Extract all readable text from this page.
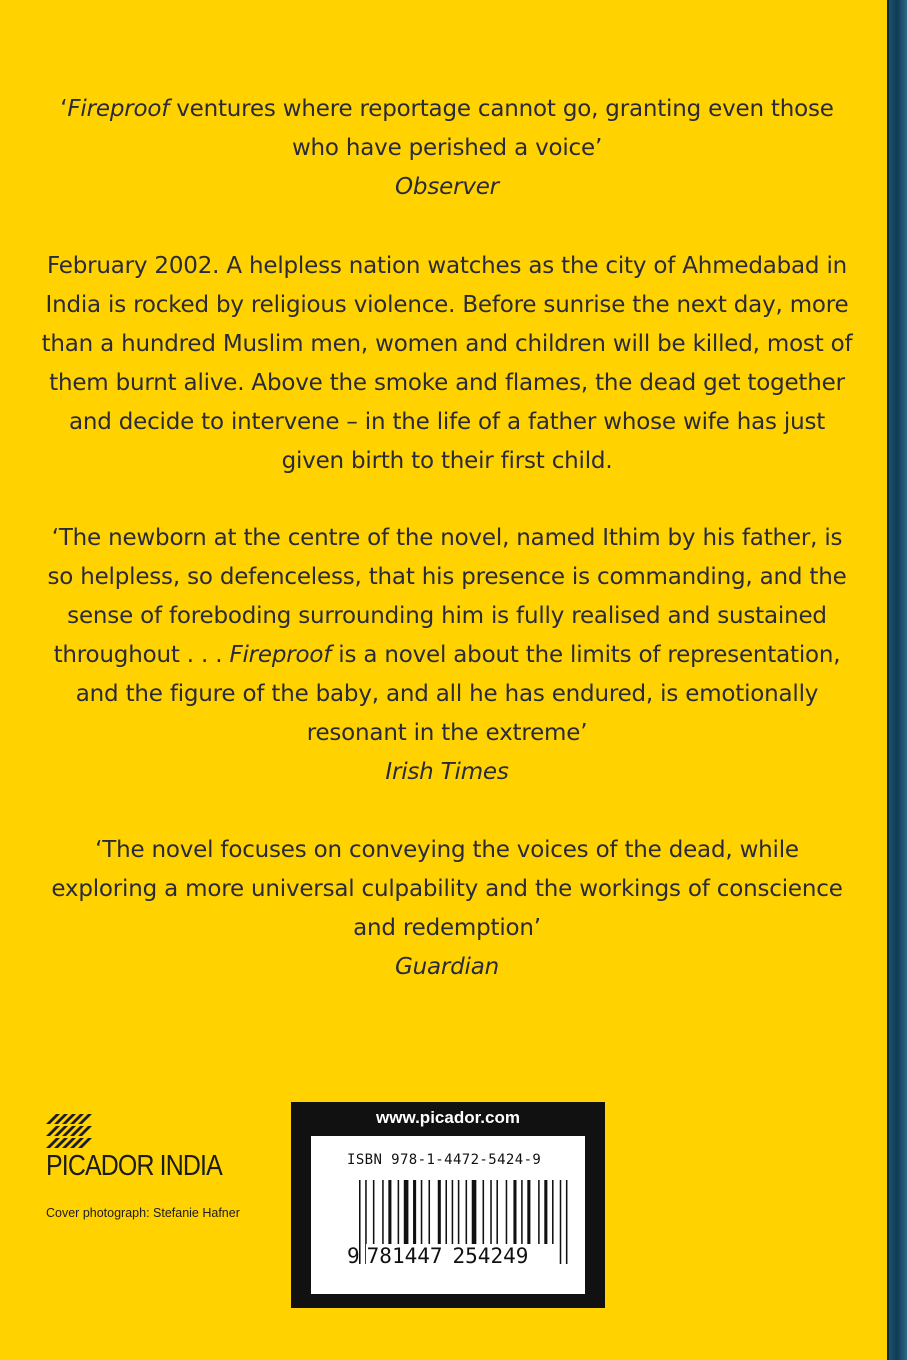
‘Fireproof ventures where reportage cannot go, granting even those who have perished a voice’

Observer

February 2002. A helpless nation watches as the city of Ahmedabad in India is rocked by religious violence. Before sunrise the next day, more than a hundred Muslim men, women and children will be killed, most of them burnt alive. Above the smoke and flames, the dead get together and decide to intervene – in the life of a father whose wife has just given birth to their first child.

‘The newborn at the centre of the novel, named Ithim by his father, is so helpless, so defenceless, that his presence is commanding, and the sense of foreboding surrounding him is fully realised and sustained throughout . . . Fireproof is a novel about the limits of representation, and the figure of the baby, and all he has endured, is emotionally resonant in the extreme’

Irish Times

‘The novel focuses on conveying the voices of the dead, while exploring a more universal culpability and the workings of conscience and redemption’

Guardian

PICADOR INDIA
Cover photograph: Stefanie Hafner
www.picador.com
ISBN 978-1-4472-5424-9
9 781447 254249
